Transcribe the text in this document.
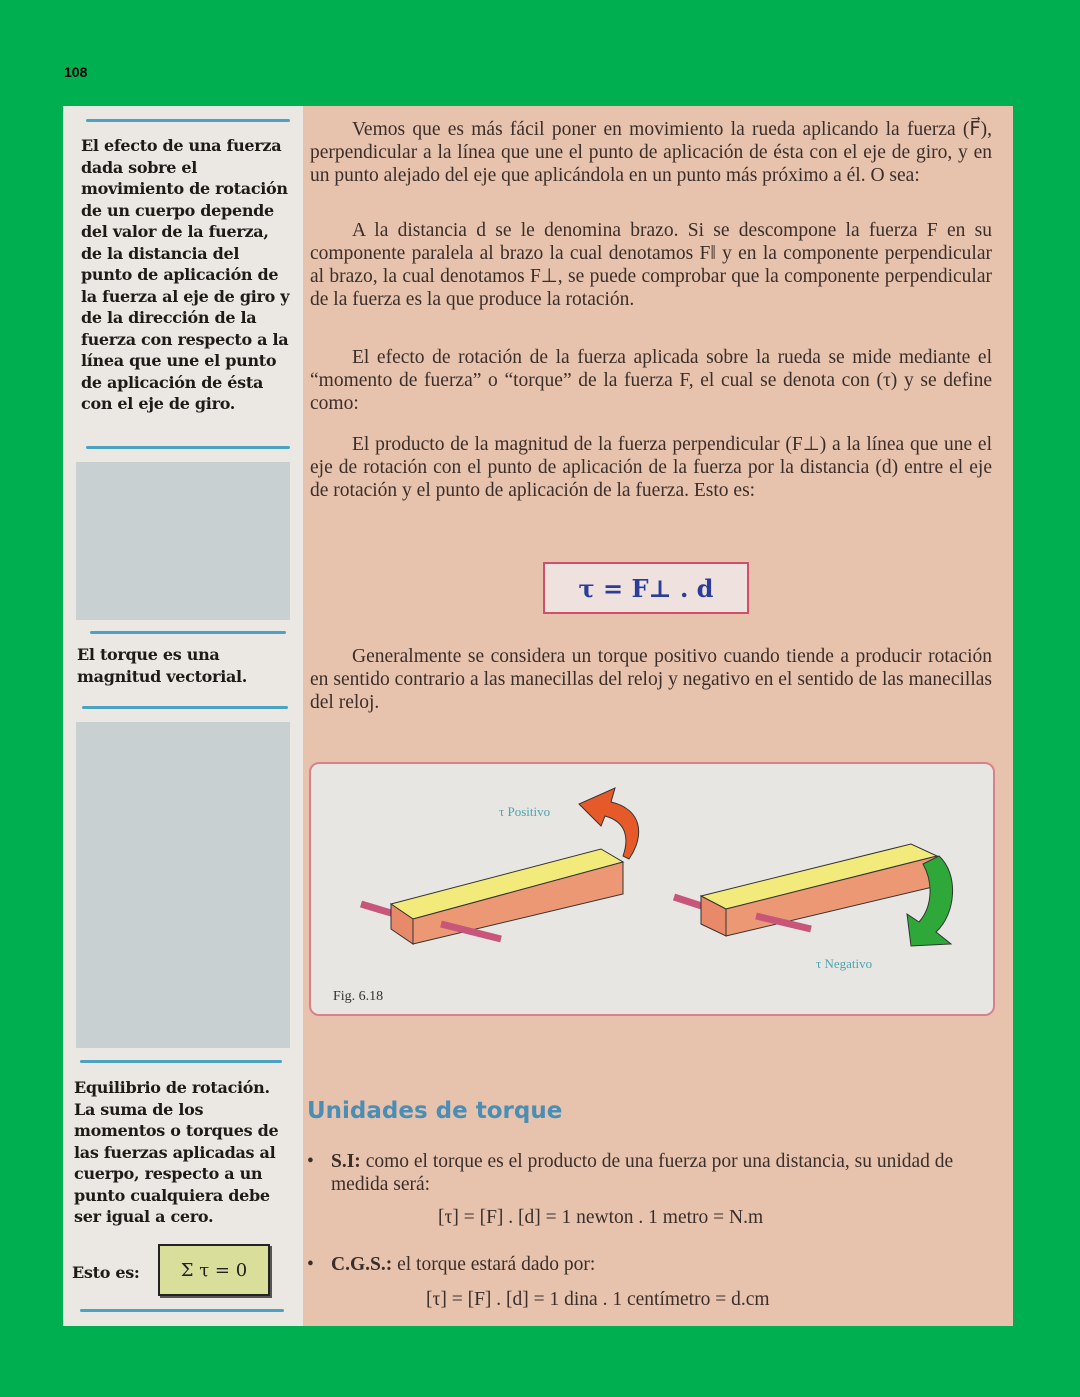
108
El efecto de una fuerza dada sobre el movimiento de rotación de un cuerpo depende del valor de la fuerza, de la distancia del punto de aplicación de la fuerza al eje de giro y de la dirección de la fuerza con respecto a la línea que une el punto de aplicación de ésta con el eje de giro.
El torque es una magnitud vectorial.
Equilibrio de rotación. La suma de los momentos o torques de las fuerzas aplicadas al cuerpo, respecto a un punto cualquiera debe ser igual a cero.
Esto es:	Σ τ = 0

Vemos que es más fácil poner en movimiento la rueda aplicando la fuerza (F⃗), perpendicular a la línea que une el punto de aplicación de ésta con el eje de giro, y en un punto alejado del eje que aplicándola en un punto más próximo a él. O sea:

A la distancia d se le denomina brazo. Si se descompone la fuerza F en su componente paralela al brazo la cual denotamos F‖ y en la componente perpendicular al brazo, la cual denotamos F⊥, se puede comprobar que la componente perpendicular de la fuerza es la que produce la rotación.

El efecto de rotación de la fuerza aplicada sobre la rueda se mide mediante el “momento de fuerza” o “torque” de la fuerza F, el cual se denota con (τ) y se define como:

El producto de la magnitud de la fuerza perpendicular (F⊥) a la línea que une el eje de rotación con el punto de aplicación de la fuerza por la distancia (d) entre el eje de rotación y el punto de aplicación de la fuerza. Esto es:

τ = F⊥ . d

Generalmente se considera un torque positivo cuando tiende a producir rotación en sentido contrario a las manecillas del reloj y negativo en el sentido de las manecillas del reloj.

τ Positivo
τ Negativo
Fig. 6.18
Unidades de torque
• S.I: como el torque es el producto de una fuerza por una distancia, su unidad de medida será:
[τ] = [F] . [d] = 1 newton . 1 metro = N.m
• C.G.S.: el torque estará dado por:
[τ] = [F] . [d] = 1 dina . 1 centímetro = d.cm
